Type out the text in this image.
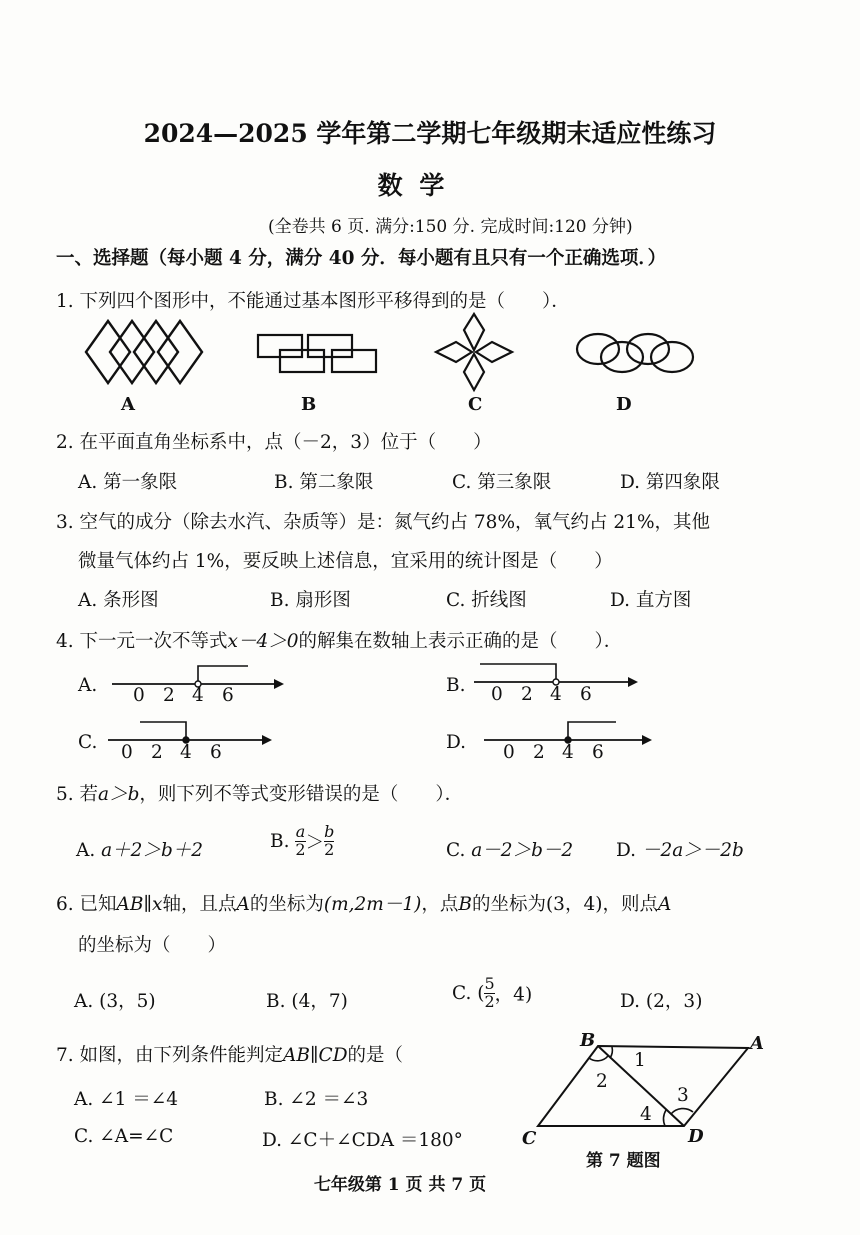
2024—2025 学年第二学期七年级期末适应性练习
数 学
(全卷共 6 页. 满分:150 分. 完成时间:120 分钟)
一、选择题（每小题 4 分，满分 40 分．每小题有且只有一个正确选项．）
1. 下列四个图形中，不能通过基本图形平移得到的是（　　）．
A	B	C	D
2. 在平面直角坐标系中，点（－2，3）位于（　　）
A. 第一象限	B. 第二象限	C. 第三象限	D. 第四象限
3. 空气的成分（除去水汽、杂质等）是：氮气约占 78%，氧气约占 21%，其他
微量气体约占 1%，要反映上述信息，宜采用的统计图是（　　）
A. 条形图	B. 扇形图	C. 折线图	D. 直方图
4. 下一元一次不等式x－4＞0的解集在数轴上表示正确的是（　　）．
A. 0 2 4 6	B. 0 2 4 6
C. 0 2 4 6	D. 0 2 4 6
5. 若a＞b，则下列不等式变形错误的是（　　）．
A. a＋2＞b＋2	B. $\frac{a}{2} > \frac{b}{2}$	C. a－2＞b－2 D. －2a＞－2b
6. 已知AB∥x轴，且点A的坐标为(m,2m－1)，点B的坐标为(3，4)，则点A
的坐标为（　　）
A. (3，5)	B. (4，7)	C. ( $\frac{5}{2}$ ，4)	D. (2，3)
7. 如图，由下列条件能判定AB∥CD的是（
A. ∠1 ＝∠4	B. ∠2 ＝∠3
C. ∠A=∠C	D. ∠C＋∠CDA ＝180°
B	A
C	D
1
2
3
4
第 7 题图
七年级第 1 页 共 7 页
